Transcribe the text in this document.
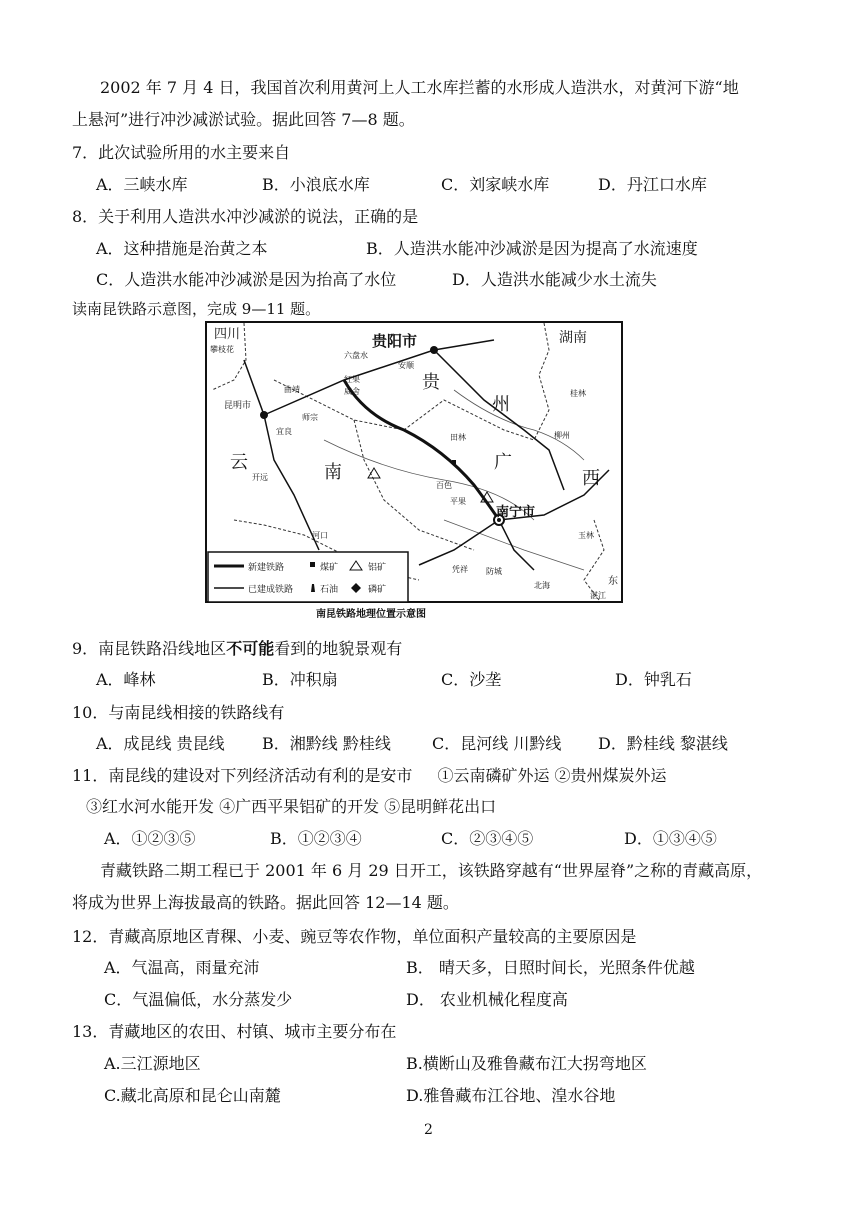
2002 年 7 月 4 日，我国首次利用黄河上人工水库拦蓄的水形成人造洪水，对黄河下游“地
上悬河”进行冲沙减淤试验。据此回答 7—8 题。
7．此次试验所用的水主要来自
A．三峡水库	B．小浪底水库	C．刘家峡水库	D．丹江口水库
8．关于利用人造洪水冲沙减淤的说法，正确的是
A．这种措施是治黄之本	B．人造洪水能冲沙减淤是因为提高了水流速度
C．人造洪水能冲沙减淤是因为抬高了水位	D．人造洪水能减少水土流失
读南昆铁路示意图，完成 9—11 题。
四川	湖南
贵
州
广
西
云	南
东
贵阳市
昆明市
南宁市
攀枝花
六盘水
红果
威舍
曲靖
师宗
宜良
开远
河口
安顺
桂林
柳州
田林
百色
平果
玉林
防城
凭祥
北海
湛江
新建铁路
已建成铁路
煤矿
石油
铝矿
磷矿
南昆铁路地理位置示意图
9．南昆铁路沿线地区不可能看到的地貌景观有
A．峰林	B．冲积扇	C．沙垄	D．钟乳石
10．与南昆线相接的铁路线有
A．成昆线 贵昆线 B．湘黔线 黔桂线	C．昆河线 川黔线 D．黔桂线 黎湛线
11．南昆线的建设对下列经济活动有利的是安市 ①云南磷矿外运 ②贵州煤炭外运
③红水河水能开发 ④广西平果铝矿的开发 ⑤昆明鲜花出口
A．①②③⑤	B．①②③④	C．②③④⑤	D．①③④⑤
青藏铁路二期工程已于 2001 年 6 月 29 日开工，该铁路穿越有“世界屋脊”之称的青藏高原，
将成为世界上海拔最高的铁路。据此回答 12—14 题。
12．青藏高原地区青稞、小麦、豌豆等农作物，单位面积产量较高的主要原因是
A．气温高，雨量充沛	B． 晴天多，日照时间长，光照条件优越
C．气温偏低，水分蒸发少	D． 农业机械化程度高
13．青藏地区的农田、村镇、城市主要分布在
A.三江源地区	B.横断山及雅鲁藏布江大拐弯地区
C.藏北高原和昆仑山南麓	D.雅鲁藏布江谷地、湟水谷地
2
